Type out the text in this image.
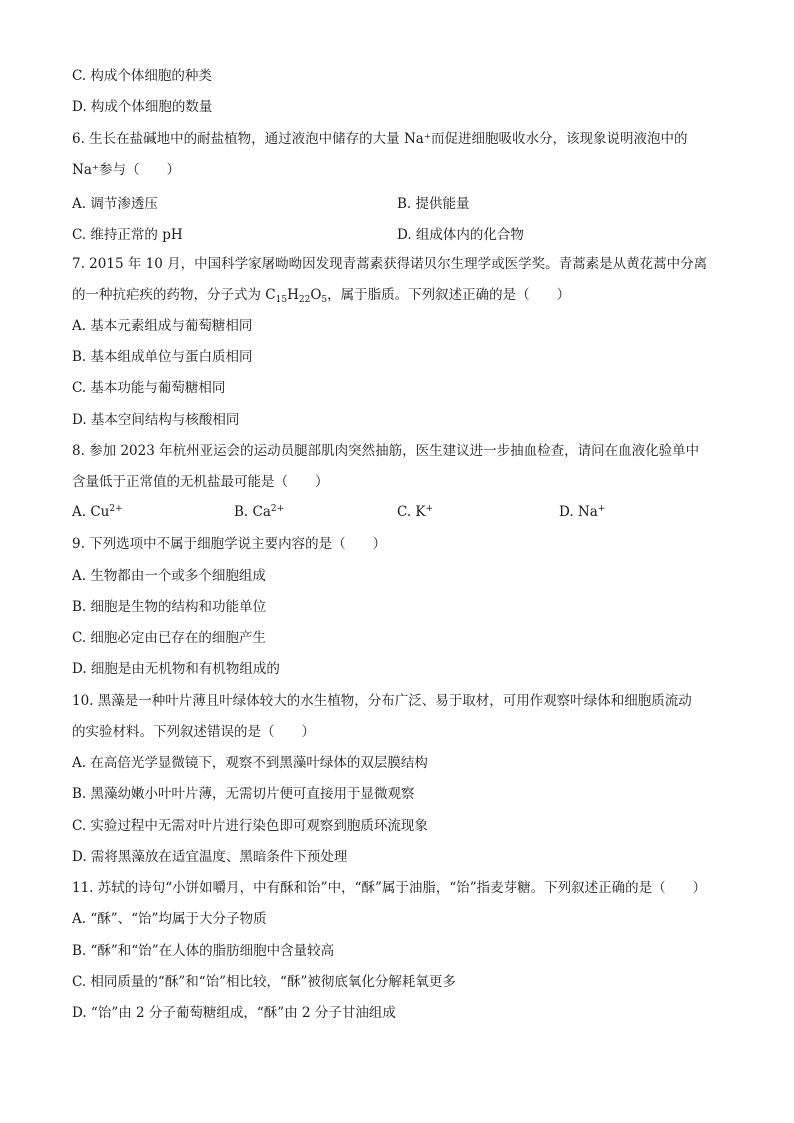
C. 构成个体细胞的种类
D. 构成个体细胞的数量
6. 生长在盐碱地中的耐盐植物，通过液泡中储存的大量 Na⁺而促进细胞吸收水分，该现象说明液泡中的
Na⁺参与（　　）
A. 调节渗透压	B. 提供能量
C. 维持正常的 pH	D. 组成体内的化合物
7. 2015 年 10 月，中国科学家屠呦呦因发现青蒿素获得诺贝尔生理学或医学奖。青蒿素是从黄花蒿中分离
的一种抗疟疾的药物，分子式为 $C_{15}H_{22}O_5$，属于脂质。下列叙述正确的是（　　）
A. 基本元素组成与葡萄糖相同
B. 基本组成单位与蛋白质相同
C. 基本功能与葡萄糖相同
D. 基本空间结构与核酸相同
8. 参加 2023 年杭州亚运会的运动员腿部肌肉突然抽筋，医生建议进一步抽血检查，请问在血液化验单中
含量低于正常值的无机盐最可能是（　　）
A. $Cu^{2+}$	B. $Ca^{2+}$	C. K+	D. Na+
9. 下列选项中不属于细胞学说主要内容的是（　　）
A. 生物都由一个或多个细胞组成
B. 细胞是生物的结构和功能单位
C. 细胞必定由已存在的细胞产生
D. 细胞是由无机物和有机物组成的
10. 黑藻是一种叶片薄且叶绿体较大的水生植物，分布广泛、易于取材，可用作观察叶绿体和细胞质流动
的实验材料。下列叙述错误的是（　　）
A. 在高倍光学显微镜下，观察不到黑藻叶绿体的双层膜结构
B. 黑藻幼嫩小叶叶片薄，无需切片便可直接用于显微观察
C. 实验过程中无需对叶片进行染色即可观察到胞质环流现象
D. 需将黑藻放在适宜温度、黑暗条件下预处理
11. 苏轼的诗句“小饼如嚼月，中有酥和饴”中，“酥”属于油脂，“饴”指麦芽糖。下列叙述正确的是（　　）
A. “酥”、“饴”均属于大分子物质
B. “酥”和“饴”在人体的脂肪细胞中含量较高
C. 相同质量的“酥”和“饴”相比较，“酥”被彻底氧化分解耗氧更多
D. “饴”由 2 分子葡萄糖组成，“酥”由 2 分子甘油组成
